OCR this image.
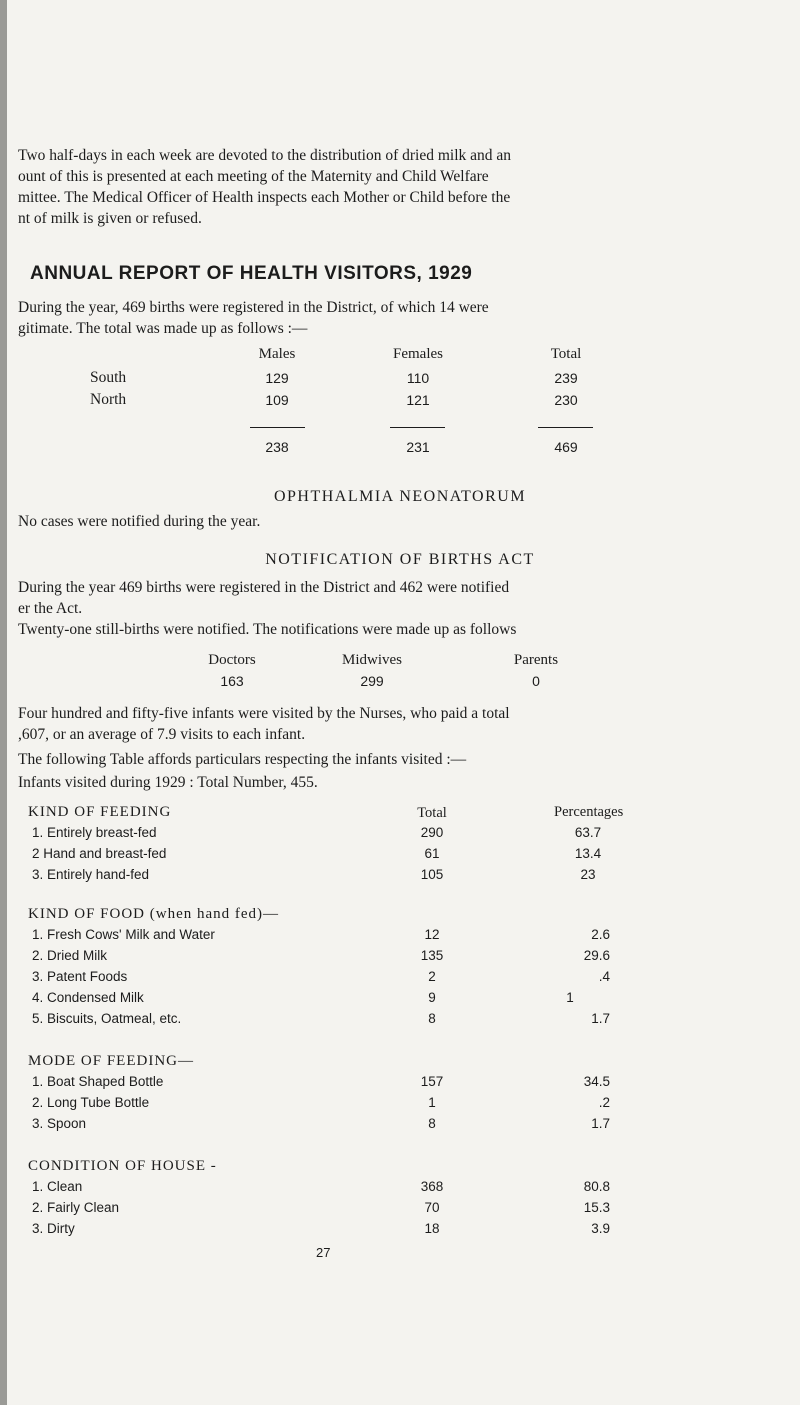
Two half-days in each week are devoted to the distribution of dried milk and an

ount of this is presented at each meeting of the Maternity and Child Welfare

mittee. The Medical Officer of Health inspects each Mother or Child before the

nt of milk is given or refused.

ANNUAL REPORT OF HEALTH VISITORS, 1929

During the year, 469 births were registered in the District, of which 14 were

gitimate. The total was made up as follows :—

Males	Females	Total
South	129	110	239
North	109	121	230
238	231	469
OPHTHALMIA NEONATORUM

No cases were notified during the year.

NOTIFICATION OF BIRTHS ACT

During the year 469 births were registered in the District and 462 were notified

er the Act.

Twenty-one still-births were notified. The notifications were made up as follows

Doctors	Midwives	Parents
163	299	0

Four hundred and fifty-five infants were visited by the Nurses, who paid a total

,607, or an average of 7.9 visits to each infant.

The following Table affords particulars respecting the infants visited :—

Infants visited during 1929 : Total Number, 455.

Total	Percentages
KIND OF FEEDING
1. Entirely breast-fed	290	63.7
2 Hand and breast-fed	61	13.4
3. Entirely hand-fed	105	23
KIND OF FOOD (when hand fed)—
1. Fresh Cows' Milk and Water	12	2.6
2. Dried Milk	135	29.6
3. Patent Foods	2	.4
4. Condensed Milk	9	1
5. Biscuits, Oatmeal, etc.	8	1.7
MODE OF FEEDING—
1. Boat Shaped Bottle	157	34.5
2. Long Tube Bottle	1	.2
3. Spoon	8	1.7
CONDITION OF HOUSE -
1. Clean	368	80.8
2. Fairly Clean	70	15.3
3. Dirty	18	3.9
27
